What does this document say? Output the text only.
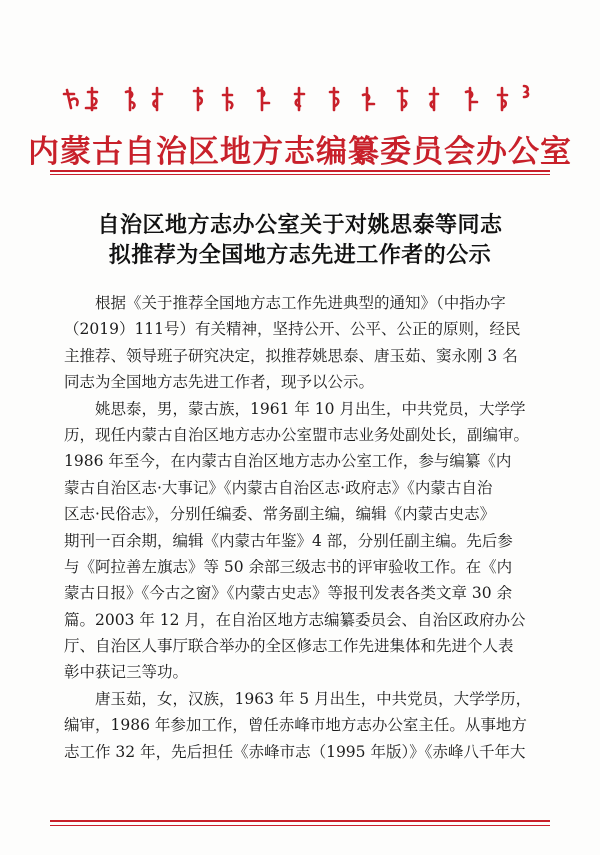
内蒙古自治区地方志编纂委员会办公室
自治区地方志办公室关于对姚思泰等同志
拟推荐为全国地方志先进工作者的公示
根据《关于推荐全国地方志工作先进典型的通知》（中指办字
（2019）111号）有关精神，坚持公开、公平、公正的原则，经民
主推荐、领导班子研究决定，拟推荐姚思泰、唐玉茹、窦永刚 3 名
同志为全国地方志先进工作者，现予以公示。
姚思泰，男，蒙古族，1961 年 10 月出生，中共党员，大学学
历，现任内蒙古自治区地方志办公室盟市志业务处副处长，副编审。
1986 年至今，在内蒙古自治区地方志办公室工作，参与编纂《内
蒙古自治区志·大事记》《内蒙古自治区志·政府志》《内蒙古自治
区志·民俗志》，分别任编委、常务副主编，编辑《内蒙古史志》
期刊一百余期，编辑《内蒙古年鉴》4 部，分别任副主编。先后参
与《阿拉善左旗志》等 50 余部三级志书的评审验收工作。在《内
蒙古日报》《今古之窗》《内蒙古史志》等报刊发表各类文章 30 余
篇。2003 年 12 月，在自治区地方志编纂委员会、自治区政府办公
厅、自治区人事厅联合举办的全区修志工作先进集体和先进个人表
彰中获记三等功。
唐玉茹，女，汉族，1963 年 5 月出生，中共党员，大学学历，
编审，1986 年参加工作，曾任赤峰市地方志办公室主任。从事地方
志工作 32 年，先后担任《赤峰市志（1995 年版）》《赤峰八千年大
